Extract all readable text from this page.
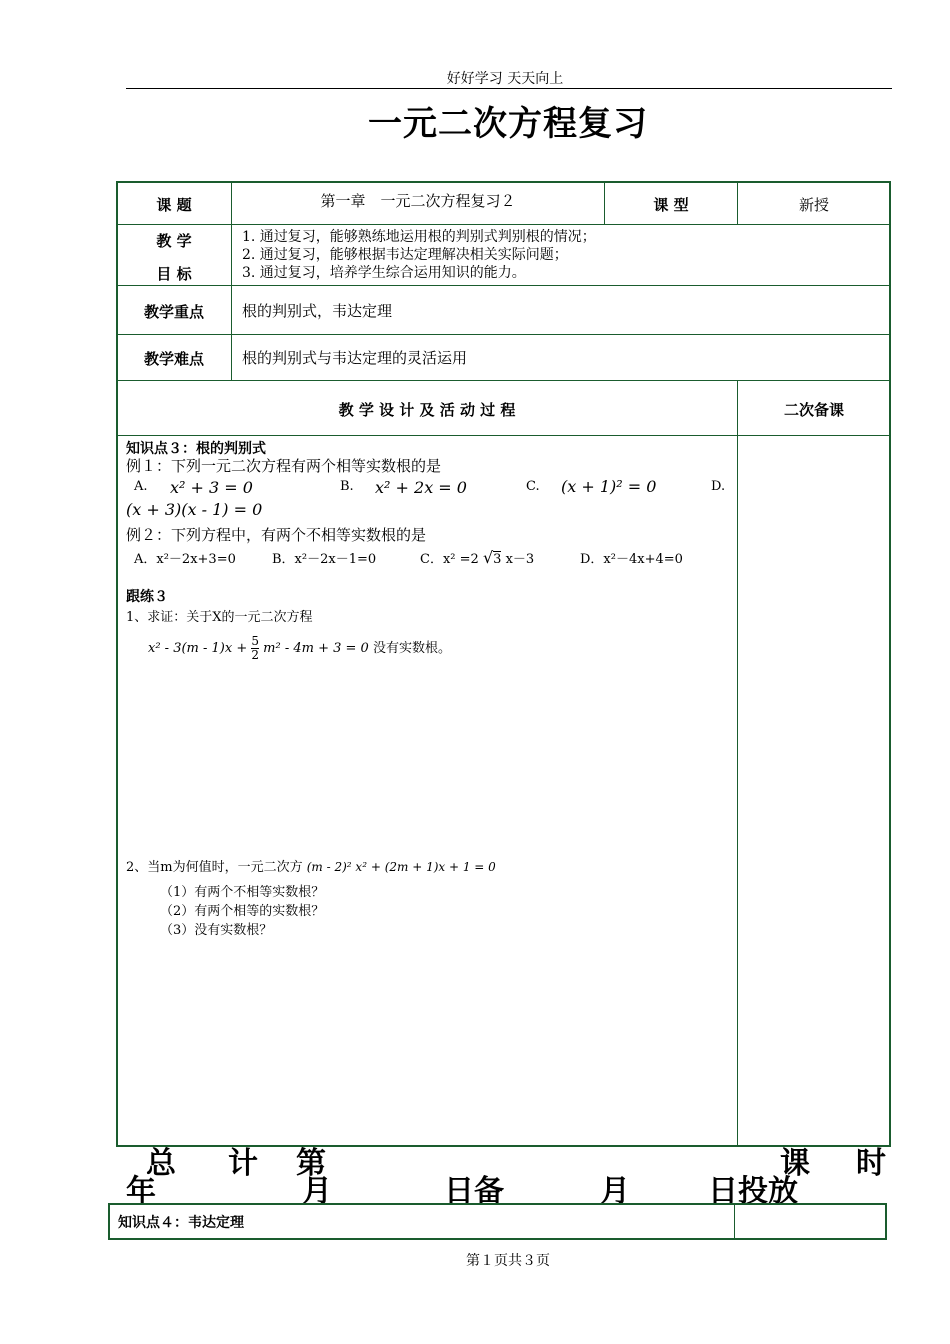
好好学习 天天向上
一元二次方程复习
课 题	第一章　一元二次方程复习２	课 型	新授
教 学
目 标
1. 通过复习，能够熟练地运用根的判别式判别根的情况；
2. 通过复习，能够根据韦达定理解决相关实际问题；
3. 通过复习，培养学生综合运用知识的能力。
教学重点	根的判别式，韦达定理
教学难点	根的判别式与韦达定理的灵活运用
教 学 设 计 及 活 动 过 程	二次备课
知识点３：根的判别式
例１：下列一元二次方程有两个相等实数根的是
A. x² + 3 = 0	B. x² + 2x = 0	C. (x + 1)² = 0	D.
(x + 3)(x - 1) = 0
例２：下列方程中，有两个不相等实数根的是
A．x²－2x+3=0	B．x²－2x－1=0	C．x² =2 √3 x－3	D．x²－4x+4=0
跟练３
1、求证：关于X的一元二次方程
$x^2 - 3(m - 1)x + \frac{5}{2} m^2 - 4m + 3 = 0$ 没有实数根。
2、当m为何值时，一元二次方 (m - 2)² x² + (2m + 1)x + 1 = 0
（1）有两个不相等实数根？
（2）有两个相等的实数根？
（3）没有实数根？
总 计 第	课 时
年	月	日备	月	日投放
知识点４：韦达定理
第１页共３页
